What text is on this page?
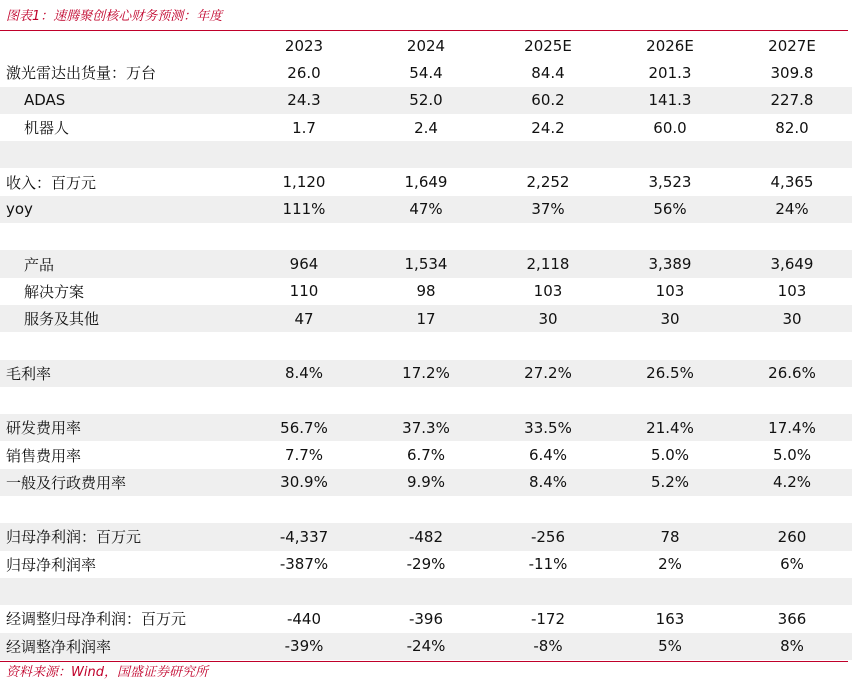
图表1：速腾聚创核心财务预测：年度
	2023	2024	2025E	2026E	2027E
激光雷达出货量：万台	26.0	54.4	84.4	201.3	309.8
ADAS	24.3	52.0	60.2	141.3	227.8
机器人	1.7	2.4	24.2	60.0	82.0

收入：百万元	1,120	1,649	2,252	3,523	4,365
yoy	111%	47%	37%	56%	24%

产品	964	1,534	2,118	3,389	3,649
解决方案	110	98	103	103	103
服务及其他	47	17	30	30	30

毛利率	8.4%	17.2%	27.2%	26.5%	26.6%

研发费用率	56.7%	37.3%	33.5%	21.4%	17.4%
销售费用率	7.7%	6.7%	6.4%	5.0%	5.0%
一般及行政费用率	30.9%	9.9%	8.4%	5.2%	4.2%

归母净利润：百万元	-4,337	-482	-256	78	260
归母净利润率	-387%	-29%	-11%	2%	6%

经调整归母净利润：百万元	-440	-396	-172	163	366
经调整净利润率	-39%	-24%	-8%	5%	8%
资料来源：Wind，国盛证券研究所
